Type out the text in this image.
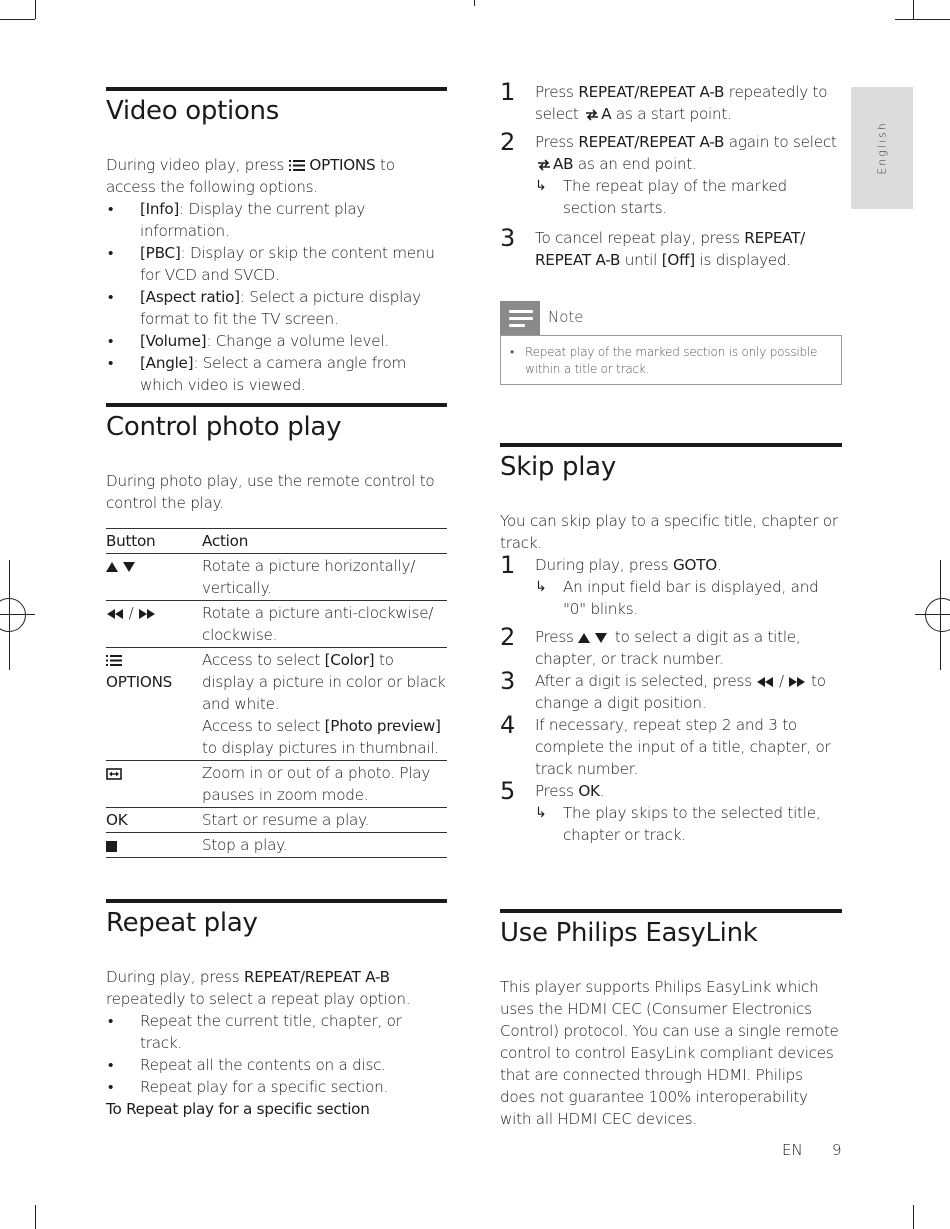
English
Video options

During video play, press OPTIONS to access the following options.

• [Info]: Display the current play information.
• [PBC]: Display or skip the content menu for VCD and SVCD.
• [Aspect ratio]: Select a picture display format to fit the TV screen.
• [Volume]: Change a volume level.
• [Angle]: Select a camera angle from which video is viewed.
Control photo play

During photo play, use the remote control to control the play.

Button	Action
	Rotate a picture horizontally/ vertically.
/	Rotate a picture anti-clockwise/ clockwise.

OPTIONS	Access to select [Color] to display a picture in color or black and white.
Access to select [Photo preview] to display pictures in thumbnail.
	Zoom in or out of a photo. Play pauses in zoom mode.
OK	Start or resume a play.
	Stop a play.
Repeat play

During play, press REPEAT/REPEAT A-B repeatedly to select a repeat play option.

• Repeat the current title, chapter, or track.
• Repeat all the contents on a disc.
• Repeat play for a specific section.

To Repeat play for a specific section

1 Press REPEAT/REPEAT A-B repeatedly to select A as a start point.
2 Press REPEAT/REPEAT A-B again to select AB as an end point.
↳ The repeat play of the marked section starts.
3 To cancel repeat play, press REPEAT/ REPEAT A-B until [Off] is displayed.
Note
• Repeat play of the marked section is only possible within a title or track.
Skip play

You can skip play to a specific title, chapter or track.

1 During play, press GOTO.
↳ An input field bar is displayed, and "0" blinks.
2 Press	to select a digit as a title, chapter, or track number.
3 After a digit is selected, press / to change a digit position.
4 If necessary, repeat step 2 and 3 to complete the input of a title, chapter, or track number.
5 Press OK.
↳ The play skips to the selected title, chapter or track.
Use Philips EasyLink

This player supports Philips EasyLink which uses the HDMI CEC (Consumer Electronics Control) protocol. You can use a single remote control to control EasyLink compliant devices that are connected through HDMI. Philips does not guarantee 100% interoperability with all HDMI CEC devices.

EN 9
